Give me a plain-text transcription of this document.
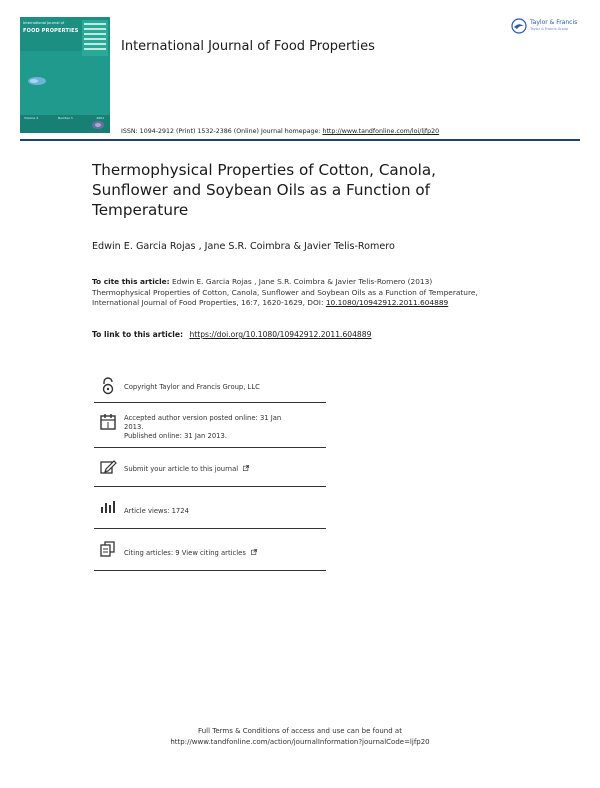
International Journal of
FOOD PROPERTIES
Volume 4	Number 1	2001
International Journal of Food Properties
Taylor & Francis
Taylor & Francis Group
ISSN: 1094-2912 (Print) 1532-2386 (Online) Journal homepage: http://www.tandfonline.com/loi/ljfp20
Thermophysical Properties of Cotton, Canola, Sunflower and Soybean Oils as a Function of Temperature
Edwin E. Garcia Rojas , Jane S.R. Coimbra & Javier Telis-Romero
To cite this article: Edwin E. Garcia Rojas , Jane S.R. Coimbra & Javier Telis-Romero (2013) Thermophysical Properties of Cotton, Canola, Sunflower and Soybean Oils as a Function of Temperature, International Journal of Food Properties, 16:7, 1620-1629, DOI: 10.1080/10942912.2011.604889
To link to this article: https://doi.org/10.1080/10942912.2011.604889
Copyright Taylor and Francis Group, LLC
Accepted author version posted online: 31 Jan 2013.
Published online: 31 Jan 2013.
Submit your article to this journal
Article views: 1724
Citing articles: 9 View citing articles
Full Terms & Conditions of access and use can be found at
http://www.tandfonline.com/action/journalInformation?journalCode=ljfp20
